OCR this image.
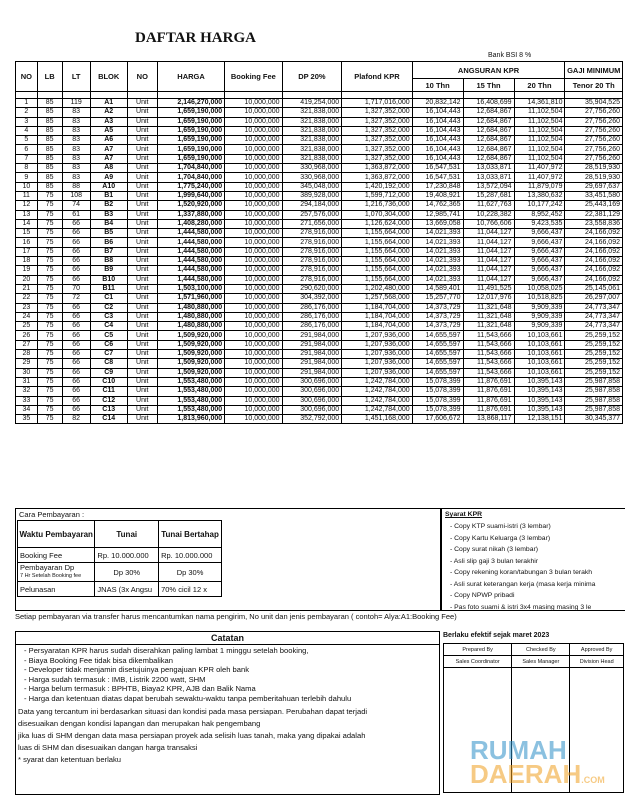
DAFTAR HARGA
Bank BSI 8 %
NO	LB	LT	BLOK	NO	HARGA	Booking Fee	DP 20%	Plafond KPR	ANGSURAN KPR			GAJI MINIMUM
									10 Thn	15 Thn	20 Thn	Tenor 20 Th

1	85	119	A1	Unit	2,146,270,000	10,000,000	419,254,000	1,717,016,000	20,832,142	16,408,699	14,361,810	35,904,525
2	85	83	A2	Unit	1,659,190,000	10,000,000	321,838,000	1,327,352,000	16,104,443	12,684,867	11,102,504	27,756,260
3	85	83	A3	Unit	1,659,190,000	10,000,000	321,838,000	1,327,352,000	16,104,443	12,684,867	11,102,504	27,756,260
4	85	83	A5	Unit	1,659,190,000	10,000,000	321,838,000	1,327,352,000	16,104,443	12,684,867	11,102,504	27,756,260
5	85	83	A6	Unit	1,659,190,000	10,000,000	321,838,000	1,327,352,000	16,104,443	12,684,867	11,102,504	27,756,260
6	85	83	A7	Unit	1,659,190,000	10,000,000	321,838,000	1,327,352,000	16,104,443	12,684,867	11,102,504	27,756,260
7	85	83	A7	Unit	1,659,190,000	10,000,000	321,838,000	1,327,352,000	16,104,443	12,684,867	11,102,504	27,756,260
8	85	83	A8	Unit	1,704,840,000	10,000,000	330,968,000	1,363,872,000	16,547,531	13,033,871	11,407,972	28,519,930
9	85	83	A9	Unit	1,704,840,000	10,000,000	330,968,000	1,363,872,000	16,547,531	13,033,871	11,407,972	28,519,930
10	85	88	A10	Unit	1,775,240,000	10,000,000	345,048,000	1,420,192,000	17,230,848	13,572,094	11,879,079	29,697,637
11	75	108	B1	Unit	1,999,640,000	10,000,000	389,928,000	1,599,712,000	19,408,921	15,287,681	13,380,632	33,451,580
12	75	74	B2	Unit	1,520,920,000	10,000,000	294,184,000	1,216,736,000	14,762,365	11,627,763	10,177,242	25,443,169
13	75	61	B3	Unit	1,337,880,000	10,000,000	257,576,000	1,070,304,000	12,985,741	10,228,382	8,952,452	22,381,129
14	75	66	B4	Unit	1,408,280,000	10,000,000	271,656,000	1,126,624,000	13,669,058	10,766,606	9,423,535	23,558,836
15	75	66	B5	Unit	1,444,580,000	10,000,000	278,916,000	1,155,664,000	14,021,393	11,044,127	9,666,437	24,166,092
16	75	66	B6	Unit	1,444,580,000	10,000,000	278,916,000	1,155,664,000	14,021,393	11,044,127	9,666,437	24,166,092
17	75	66	B7	Unit	1,444,580,000	10,000,000	278,916,000	1,155,664,000	14,021,393	11,044,127	9,666,437	24,166,092
18	75	66	B8	Unit	1,444,580,000	10,000,000	278,916,000	1,155,664,000	14,021,393	11,044,127	9,666,437	24,166,092
19	75	66	B9	Unit	1,444,580,000	10,000,000	278,916,000	1,155,664,000	14,021,393	11,044,127	9,666,437	24,166,092
20	75	66	B10	Unit	1,444,580,000	10,000,000	278,916,000	1,155,664,000	14,021,393	11,044,127	9,666,437	24,166,092
21	75	70	B11	Unit	1,503,100,000	10,000,000	290,620,000	1,202,480,000	14,589,401	11,491,525	10,058,025	25,145,061
22	75	72	C1	Unit	1,571,960,000	10,000,000	304,392,000	1,257,568,000	15,257,770	12,017,976	10,518,825	26,297,007
23	75	66	C2	Unit	1,480,880,000	10,000,000	286,176,000	1,184,704,000	14,373,729	11,321,648	9,909,339	24,773,347
24	75	66	C3	Unit	1,480,880,000	10,000,000	286,176,000	1,184,704,000	14,373,729	11,321,648	9,909,339	24,773,347
25	75	66	C4	Unit	1,480,880,000	10,000,000	286,176,000	1,184,704,000	14,373,729	11,321,648	9,909,339	24,773,347
26	75	66	C5	Unit	1,509,920,000	10,000,000	291,984,000	1,207,936,000	14,655,597	11,543,666	10,103,661	25,259,152
27	75	66	C6	Unit	1,509,920,000	10,000,000	291,984,000	1,207,936,000	14,655,597	11,543,666	10,103,661	25,259,152
28	75	66	C7	Unit	1,509,920,000	10,000,000	291,984,000	1,207,936,000	14,655,597	11,543,666	10,103,661	25,259,152
29	75	66	C8	Unit	1,509,920,000	10,000,000	291,984,000	1,207,936,000	14,655,597	11,543,666	10,103,661	25,259,152
30	75	66	C9	Unit	1,509,920,000	10,000,000	291,984,000	1,207,936,000	14,655,597	11,543,666	10,103,661	25,259,152
31	75	66	C10	Unit	1,553,480,000	10,000,000	300,696,000	1,242,784,000	15,078,399	11,876,691	10,395,143	25,987,858
32	75	66	C11	Unit	1,553,480,000	10,000,000	300,696,000	1,242,784,000	15,078,399	11,876,691	10,395,143	25,987,858
33	75	66	C12	Unit	1,553,480,000	10,000,000	300,696,000	1,242,784,000	15,078,399	11,876,691	10,395,143	25,987,858
34	75	66	C13	Unit	1,553,480,000	10,000,000	300,696,000	1,242,784,000	15,078,399	11,876,691	10,395,143	25,987,858
35	75	82	C14	Unit	1,813,960,000	10,000,000	352,792,000	1,451,168,000	17,606,672	13,868,117	12,138,151	30,345,377
Cara Pembayaran :
Waktu Pembayaran	Tunai	Tunai Bertahap
Booking Fee	Rp. 10.000.000	Rp. 10.000.000

Pembayaran Dp
7 Hr Setelah Booking fee	Dp 30%	Dp 30%
Pelunasan	JNAS (3x Angsu	70% cicil 12 x
Syarat KPR
- Copy KTP suami-istri (3 lembar)
- Copy Kartu Keluarga (3 lembar)
- Copy surat nikah (3 lembar)
- Asli slip gaji 3 bulan terakhir
- Copy rekening koran/tabungan 3 bulan terakh
- Asli surat keterangan kerja (masa kerja minima
- Copy NPWP pribadi
- Pas foto suami & istri 3x4 masing masing 3 le
Setiap pembayaran via transfer harus mencantumkan nama pengirim, No unit dan jenis pembayaran ( contoh= Alya:A1:Booking Fee)
Catatan
- Persyaratan KPR harus sudah diserahkan paling lambat 1 minggu setelah booking,
- Biaya Booking Fee tidak bisa dikembalikan
- Developer tidak menjamin disetujuinya pengajuan KPR oleh bank
- Harga sudah termasuk : IMB, Listrik 2200 watt, SHM
- Harga belum termasuk : BPHTB, Biaya2 KPR, AJB dan Balik Nama
- Harga dan ketentuan diatas dapat berubah sewaktu-waktu tanpa pemberitahuan terlebih dahulu
Data yang tercantum ini berdasarkan situasi dan kondisi pada masa persiapan. Perubahan dapat terjadi
disesuaikan dengan kondisi lapangan dan merupakan hak pengembang
jika luas di SHM dengan data masa persiapan proyek ada selisih luas tanah, maka yang dipakai adalah
luas di SHM dan disesuaikan dangan harga transaksi
* syarat dan ketentuan berlaku
Berlaku efektif sejak maret 2023
Prepared By	Checked By	Approved By
Sales Coordinator	Sales Manager	Division Head

RUMAH
DAERAH.COM
